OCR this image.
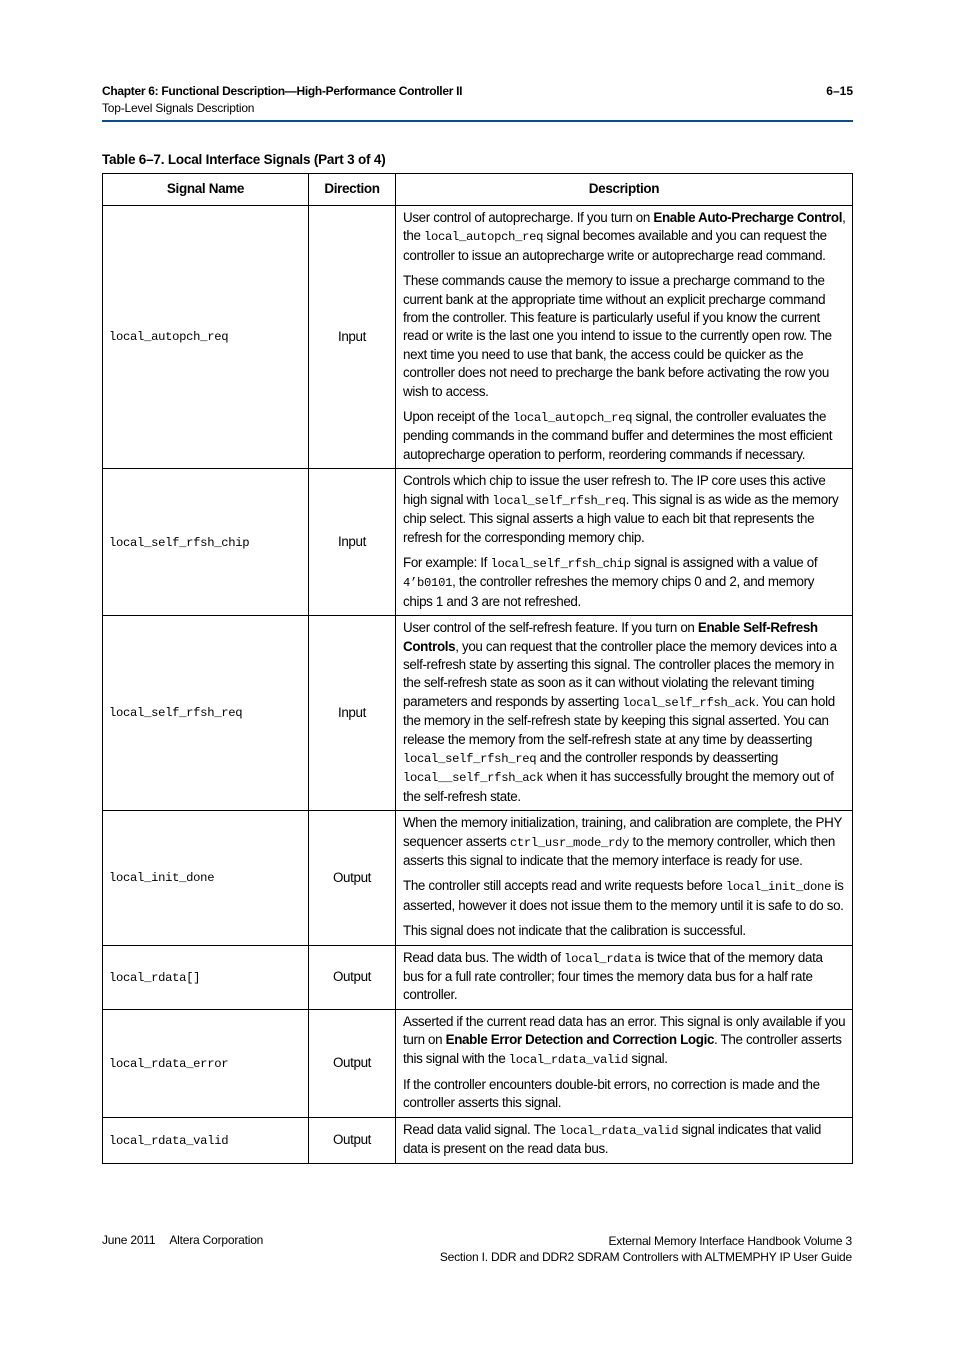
Chapter 6: Functional Description—High-Performance Controller II	6–15
Top-Level Signals Description
Table 6–7. Local Interface Signals (Part 3 of 4)
Signal Name	Direction	Description
local_autopch_req	Input	User control of autoprecharge. If you turn on Enable Auto-Precharge Control, the local_autopch_req signal becomes available and you can request the controller to issue an autoprecharge write or autoprecharge read command.
These commands cause the memory to issue a precharge command to the current bank at the appropriate time without an explicit precharge command from the controller. This feature is particularly useful if you know the current read or write is the last one you intend to issue to the currently open row. The next time you need to use that bank, the access could be quicker as the controller does not need to precharge the bank before activating the row you wish to access.
Upon receipt of the local_autopch_req signal, the controller evaluates the pending commands in the command buffer and determines the most efficient autoprecharge operation to perform, reordering commands if necessary.

local_self_rfsh_chip	Input	Controls which chip to issue the user refresh to. The IP core uses this active high signal with local_self_rfsh_req. This signal is as wide as the memory chip select. This signal asserts a high value to each bit that represents the refresh for the corresponding memory chip.
For example: If local_self_rfsh_chip signal is assigned with a value of 4’b0101, the controller refreshes the memory chips 0 and 2, and memory chips 1 and 3 are not refreshed.

local_self_rfsh_req	Input	User control of the self-refresh feature. If you turn on Enable Self-Refresh Controls, you can request that the controller place the memory devices into a self-refresh state by asserting this signal. The controller places the memory in the self-refresh state as soon as it can without violating the relevant timing parameters and responds by asserting local_self_rfsh_ack. You can hold the memory in the self-refresh state by keeping this signal asserted. You can release the memory from the self-refresh state at any time by deasserting local_self_rfsh_req and the controller responds by deasserting local__self_rfsh_ack when it has successfully brought the memory out of the self-refresh state.

local_init_done	Output	When the memory initialization, training, and calibration are complete, the PHY sequencer asserts ctrl_usr_mode_rdy to the memory controller, which then asserts this signal to indicate that the memory interface is ready for use.
The controller still accepts read and write requests before local_init_done is asserted, however it does not issue them to the memory until it is safe to do so.
This signal does not indicate that the calibration is successful.

local_rdata[]	Output	Read data bus. The width of local_rdata is twice that of the memory data bus for a full rate controller; four times the memory data bus for a half rate controller.

local_rdata_error	Output	Asserted if the current read data has an error. This signal is only available if you turn on Enable Error Detection and Correction Logic. The controller asserts this signal with the local_rdata_valid signal.
If the controller encounters double-bit errors, no correction is made and the controller asserts this signal.

local_rdata_valid	Output	Read data valid signal. The local_rdata_valid signal indicates that valid data is present on the read data bus.
June 2011 Altera Corporation	External Memory Interface Handbook Volume 3
Section I. DDR and DDR2 SDRAM Controllers with ALTMEMPHY IP User Guide
